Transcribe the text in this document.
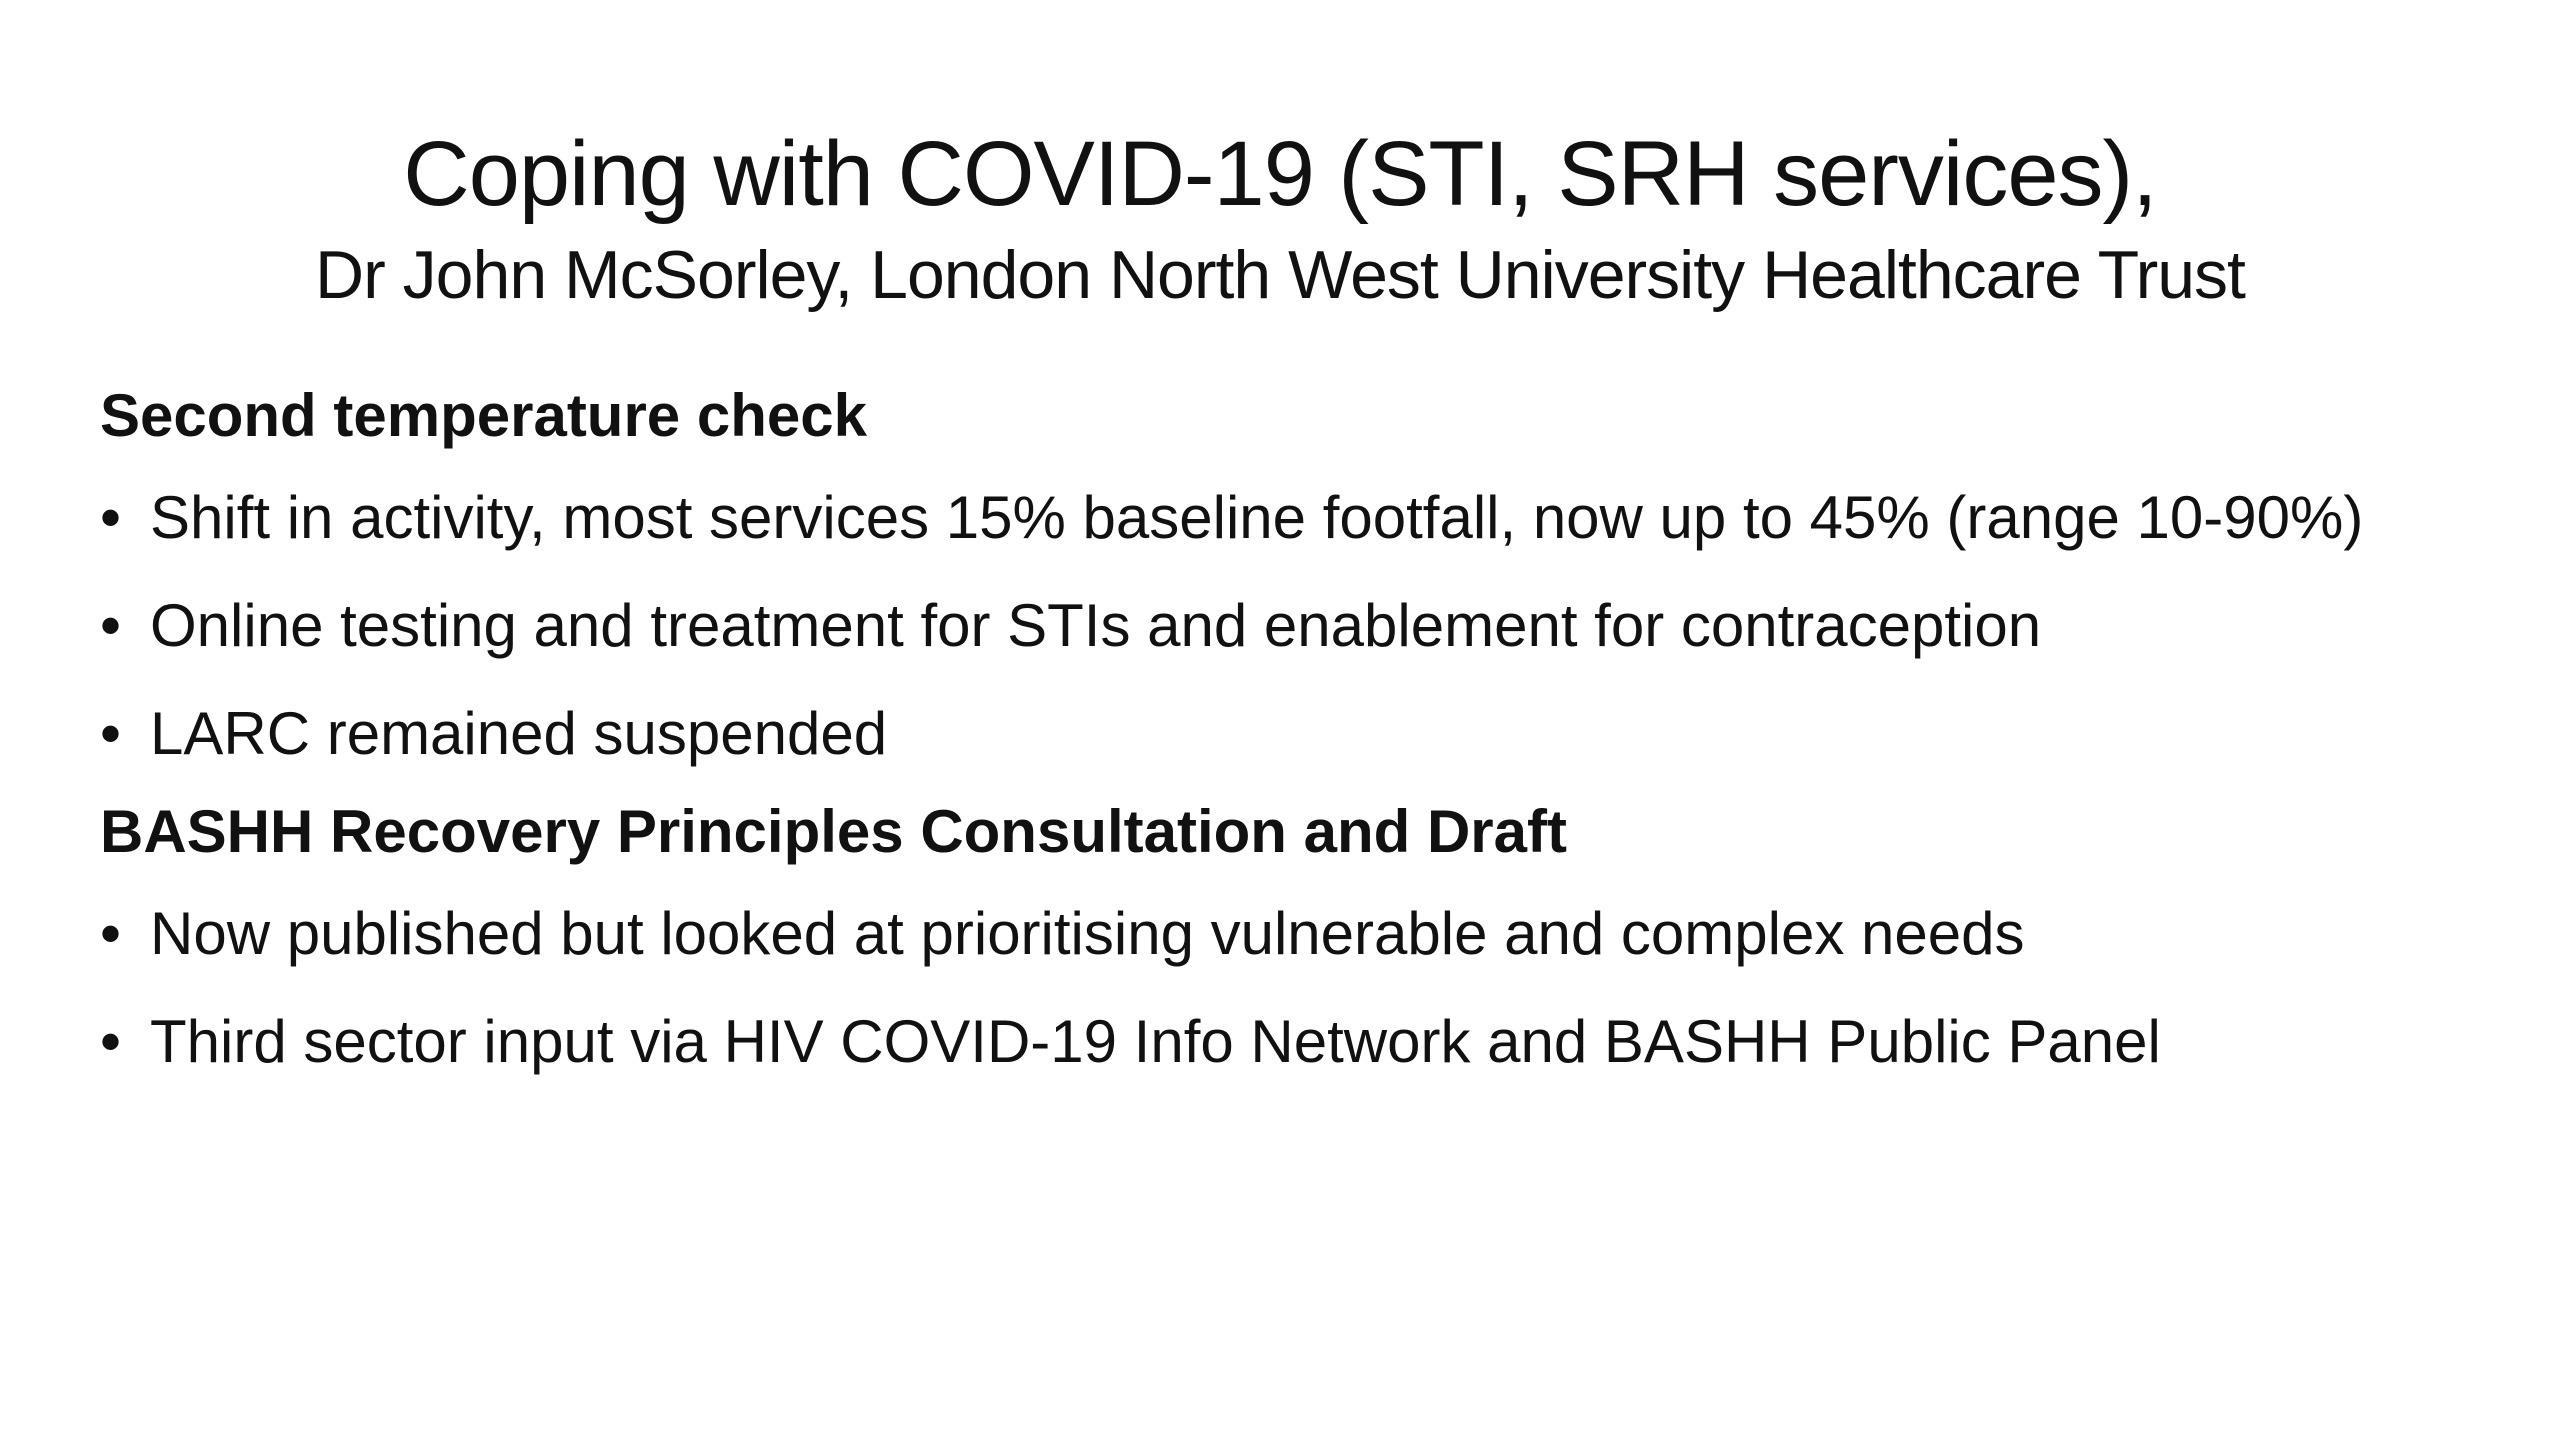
Coping with COVID-19 (STI, SRH services),
Dr John McSorley, London North West University Healthcare Trust

Second temperature check

• Shift in activity, most services 15% baseline footfall, now up to 45% (range 10-90%)
• Online testing and treatment for STIs and enablement for contraception
• LARC remained suspended

BASHH Recovery Principles Consultation and Draft

• Now published but looked at prioritising vulnerable and complex needs
• Third sector input via HIV COVID-19 Info Network and BASHH Public Panel
